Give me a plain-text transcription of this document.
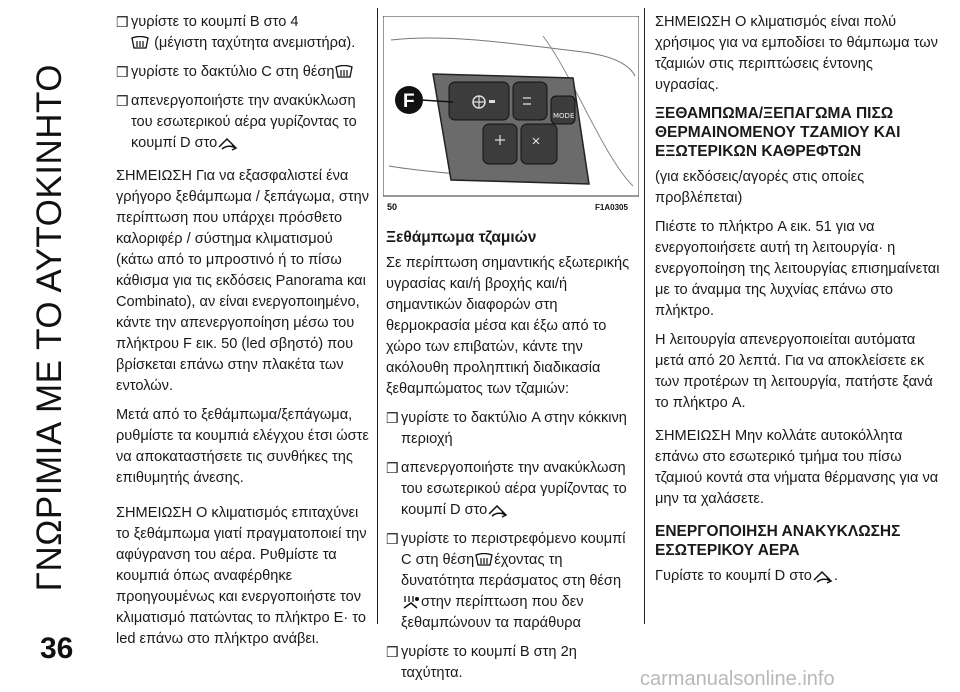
ΓΝΩΡΙΜΙΑ ΜΕ ΤΟ ΑΥΤΟΚΙΝΗΤΟ
36
carmanualsonline.info
❒ γυρίστε το κουμπί B στο 4
(μέγιστη ταχύτητα ανεμιστήρα).
❒ γυρίστε το δακτύλιο C στη θέση
❒ απενεργοποιήστε την ανακύκλωση του εσωτερικού αέρα γυρίζοντας το κουμπί D στο

ΣΗΜΕΙΩΣΗ Για να εξασφαλιστεί ένα γρήγορο ξεθάμπωμα / ξεπάγωμα, στην περίπτωση που υπάρχει πρόσθετο καλοριφέρ / σύστημα κλιματισμού (κάτω από το μπροστινό ή το πίσω κάθισμα για τις εκδόσεις Panorama και Combinato), αν είναι ενεργοποιημένο, κάντε την απενεργοποίηση μέσω του πλήκτρου F εικ. 50 (led σβηστό) που βρίσκεται επάνω στην πλακέτα των εντολών.

Μετά από το ξεθάμπωμα/ξεπάγωμα, ρυθμίστε τα κουμπιά ελέγχου έτσι ώστε να αποκαταστήσετε τις συνθήκες της επιθυμητής άνεσης.

ΣΗΜΕΙΩΣΗ Ο κλιματισμός επιταχύνει το ξεθάμπωμα γιατί πραγματοποιεί την αφύγρανση του αέρα. Ρυθμίστε τα κουμπιά όπως αναφέρθηκε προηγουμένως και ενεργοποιήστε τον κλιματισμό πατώντας το πλήκτρο E· το led επάνω στο πλήκτρο ανάβει.

MODE
F
50	F1A0305
Ξεθάμπωμα τζαμιών

Σε περίπτωση σημαντικής εξωτερικής υγρασίας και/ή βροχής και/ή σημαντικών διαφορών στη θερμοκρασία μέσα και έξω από το χώρο των επιβατών, κάντε την ακόλουθη προληπτική διαδικασία ξεθαμπώματος των τζαμιών:

❒ γυρίστε το δακτύλιο A στην κόκκινη περιοχή
❒ απενεργοποιήστε την ανακύκλωση του εσωτερικού αέρα γυρίζοντας το κουμπί D στο
❒ γυρίστε το περιστρεφόμενο κουμπί C στη θέση έχοντας τη δυνατότητα περάσματος στη θέσηστην περίπτωση που δεν ξεθαμπώνουν τα παράθυρα
❒ γυρίστε το κουμπί B στη 2η ταχύτητα.

ΣΗΜΕΙΩΣΗ Ο κλιματισμός είναι πολύ χρήσιμος για να εμποδίσει το θάμπωμα των τζαμιών στις περιπτώσεις έντονης υγρασίας.

ΞΕΘΑΜΠΩΜΑ/ΞΕΠΑΓΩΜΑ ΠΙΣΩ ΘΕΡΜΑΙΝΟΜΕΝΟΥ ΤΖΑΜΙΟΥ ΚΑΙ ΕΞΩΤΕΡΙΚΩΝ ΚΑΘΡΕΦΤΩΝ

(για εκδόσεις/αγορές στις οποίες προβλέπεται)

Πιέστε το πλήκτρο A εικ. 51 για να ενεργοποιήσετε αυτή τη λειτουργία· η ενεργοποίηση της λειτουργίας επισημαίνεται με το άναμμα της λυχνίας επάνω στο πλήκτρο.

Η λειτουργία απενεργοποιείται αυτόματα μετά από 20 λεπτά. Για να αποκλείσετε εκ των προτέρων τη λειτουργία, πατήστε ξανά το πλήκτρο A.

ΣΗΜΕΙΩΣΗ Μην κολλάτε αυτοκόλλητα επάνω στο εσωτερικό τμήμα του πίσω τζαμιού κοντά στα νήματα θέρμανσης για να μην τα χαλάσετε.

ΕΝΕΡΓΟΠΟΙΗΣΗ ΑΝΑΚΥΚΛΩΣΗΣ ΕΣΩΤΕΡΙΚΟΥ ΑΕΡΑ

Γυρίστε το κουμπί D στο .
